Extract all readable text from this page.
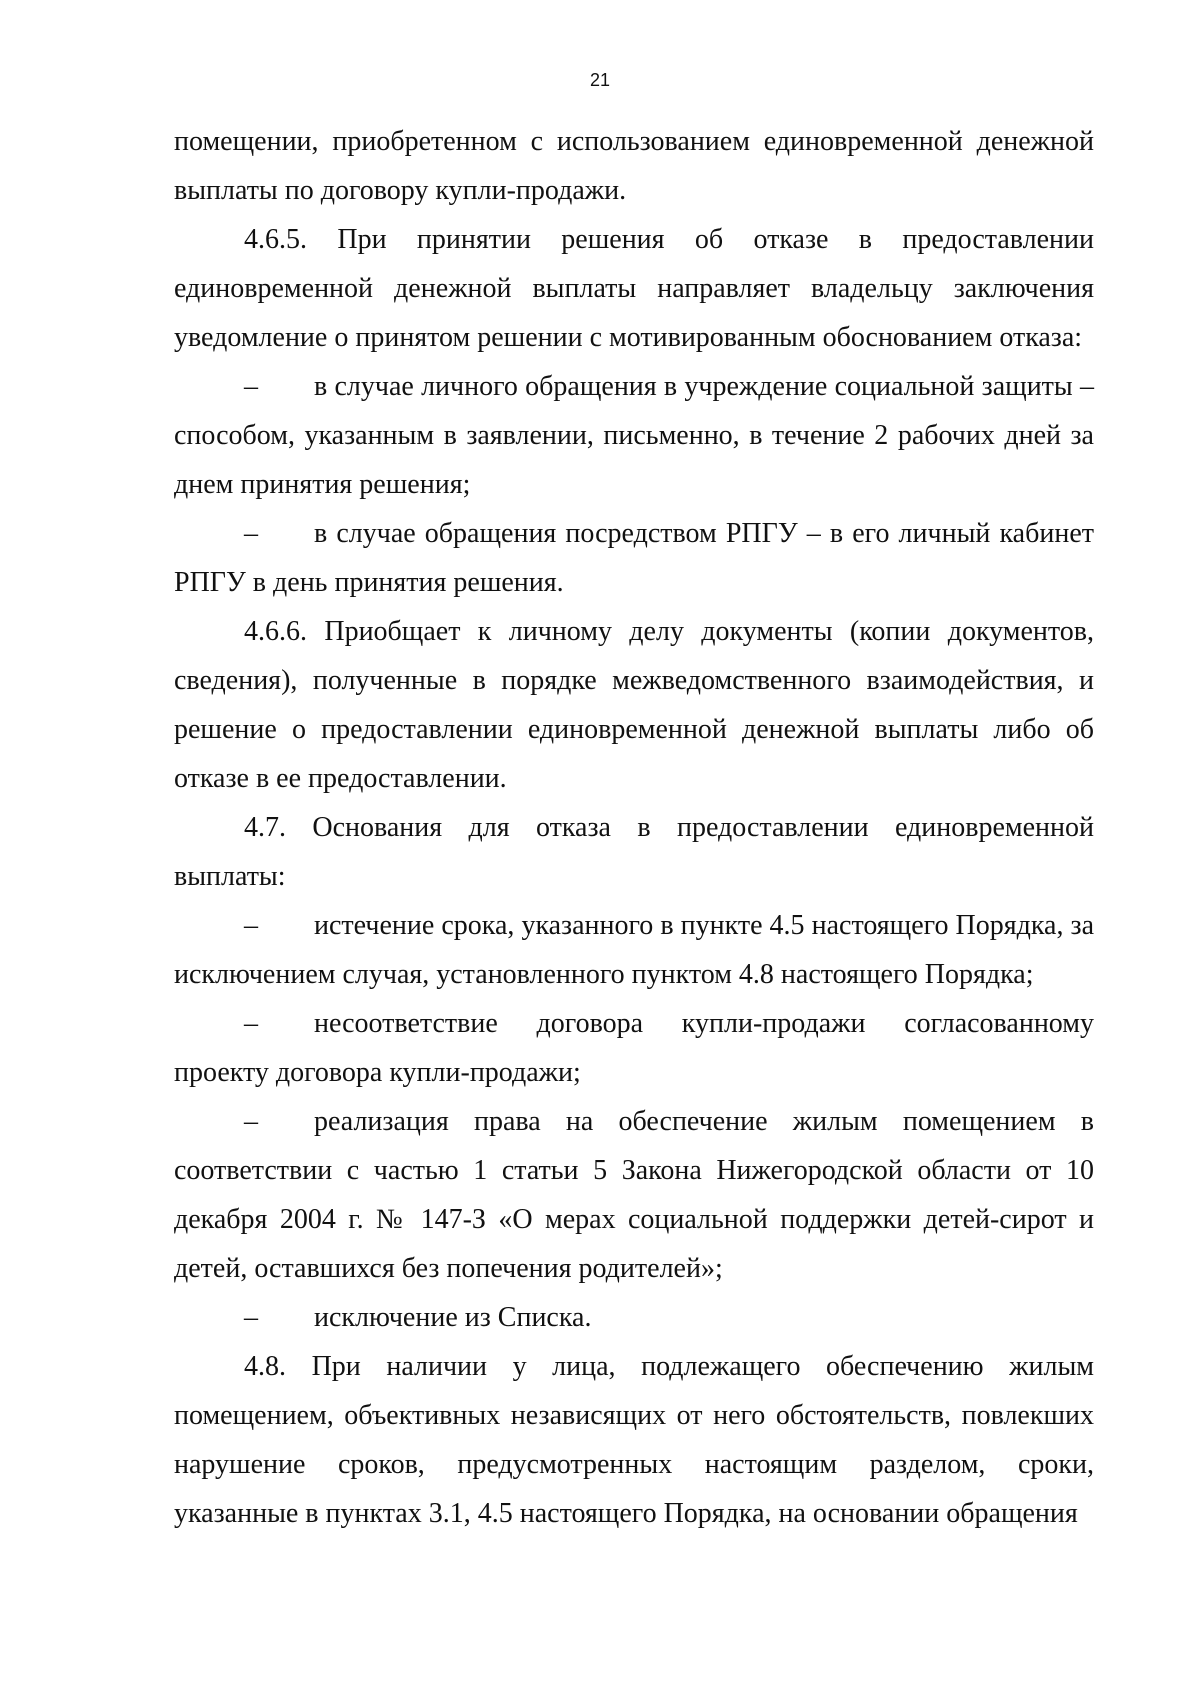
21

помещении, приобретенном с использованием единовременной денежной выплаты по договору купли-продажи.

4.6.5. При принятии решения об отказе в предоставлении единовременной денежной выплаты направляет владельцу заключения уведомление о принятом решении с мотивированным обоснованием отказа:

– в случае личного обращения в учреждение социальной защиты – способом, указанным в заявлении, письменно, в течение 2 рабочих дней за днем принятия решения;

– в случае обращения посредством РПГУ – в его личный кабинет РПГУ в день принятия решения.

4.6.6. Приобщает к личному делу документы (копии документов, сведения), полученные в порядке межведомственного взаимодействия, и решение о предоставлении единовременной денежной выплаты либо об отказе в ее предоставлении.

4.7. Основания для отказа в предоставлении единовременной выплаты:

– истечение срока, указанного в пункте 4.5 настоящего Порядка, за исключением случая, установленного пунктом 4.8 настоящего Порядка;

– несоответствие договора купли-продажи согласованному проекту договора купли-продажи;

– реализация права на обеспечение жилым помещением в соответствии с частью 1 статьи 5 Закона Нижегородской области от 10 декабря 2004 г. № 147-З «О мерах социальной поддержки детей-сирот и детей, оставшихся без попечения родителей»;

– исключение из Списка.

4.8. При наличии у лица, подлежащего обеспечению жилым помещением, объективных независящих от него обстоятельств, повлекших нарушение сроков, предусмотренных настоящим разделом, сроки, указанные в пунктах 3.1, 4.5 настоящего Порядка, на основании обращения
